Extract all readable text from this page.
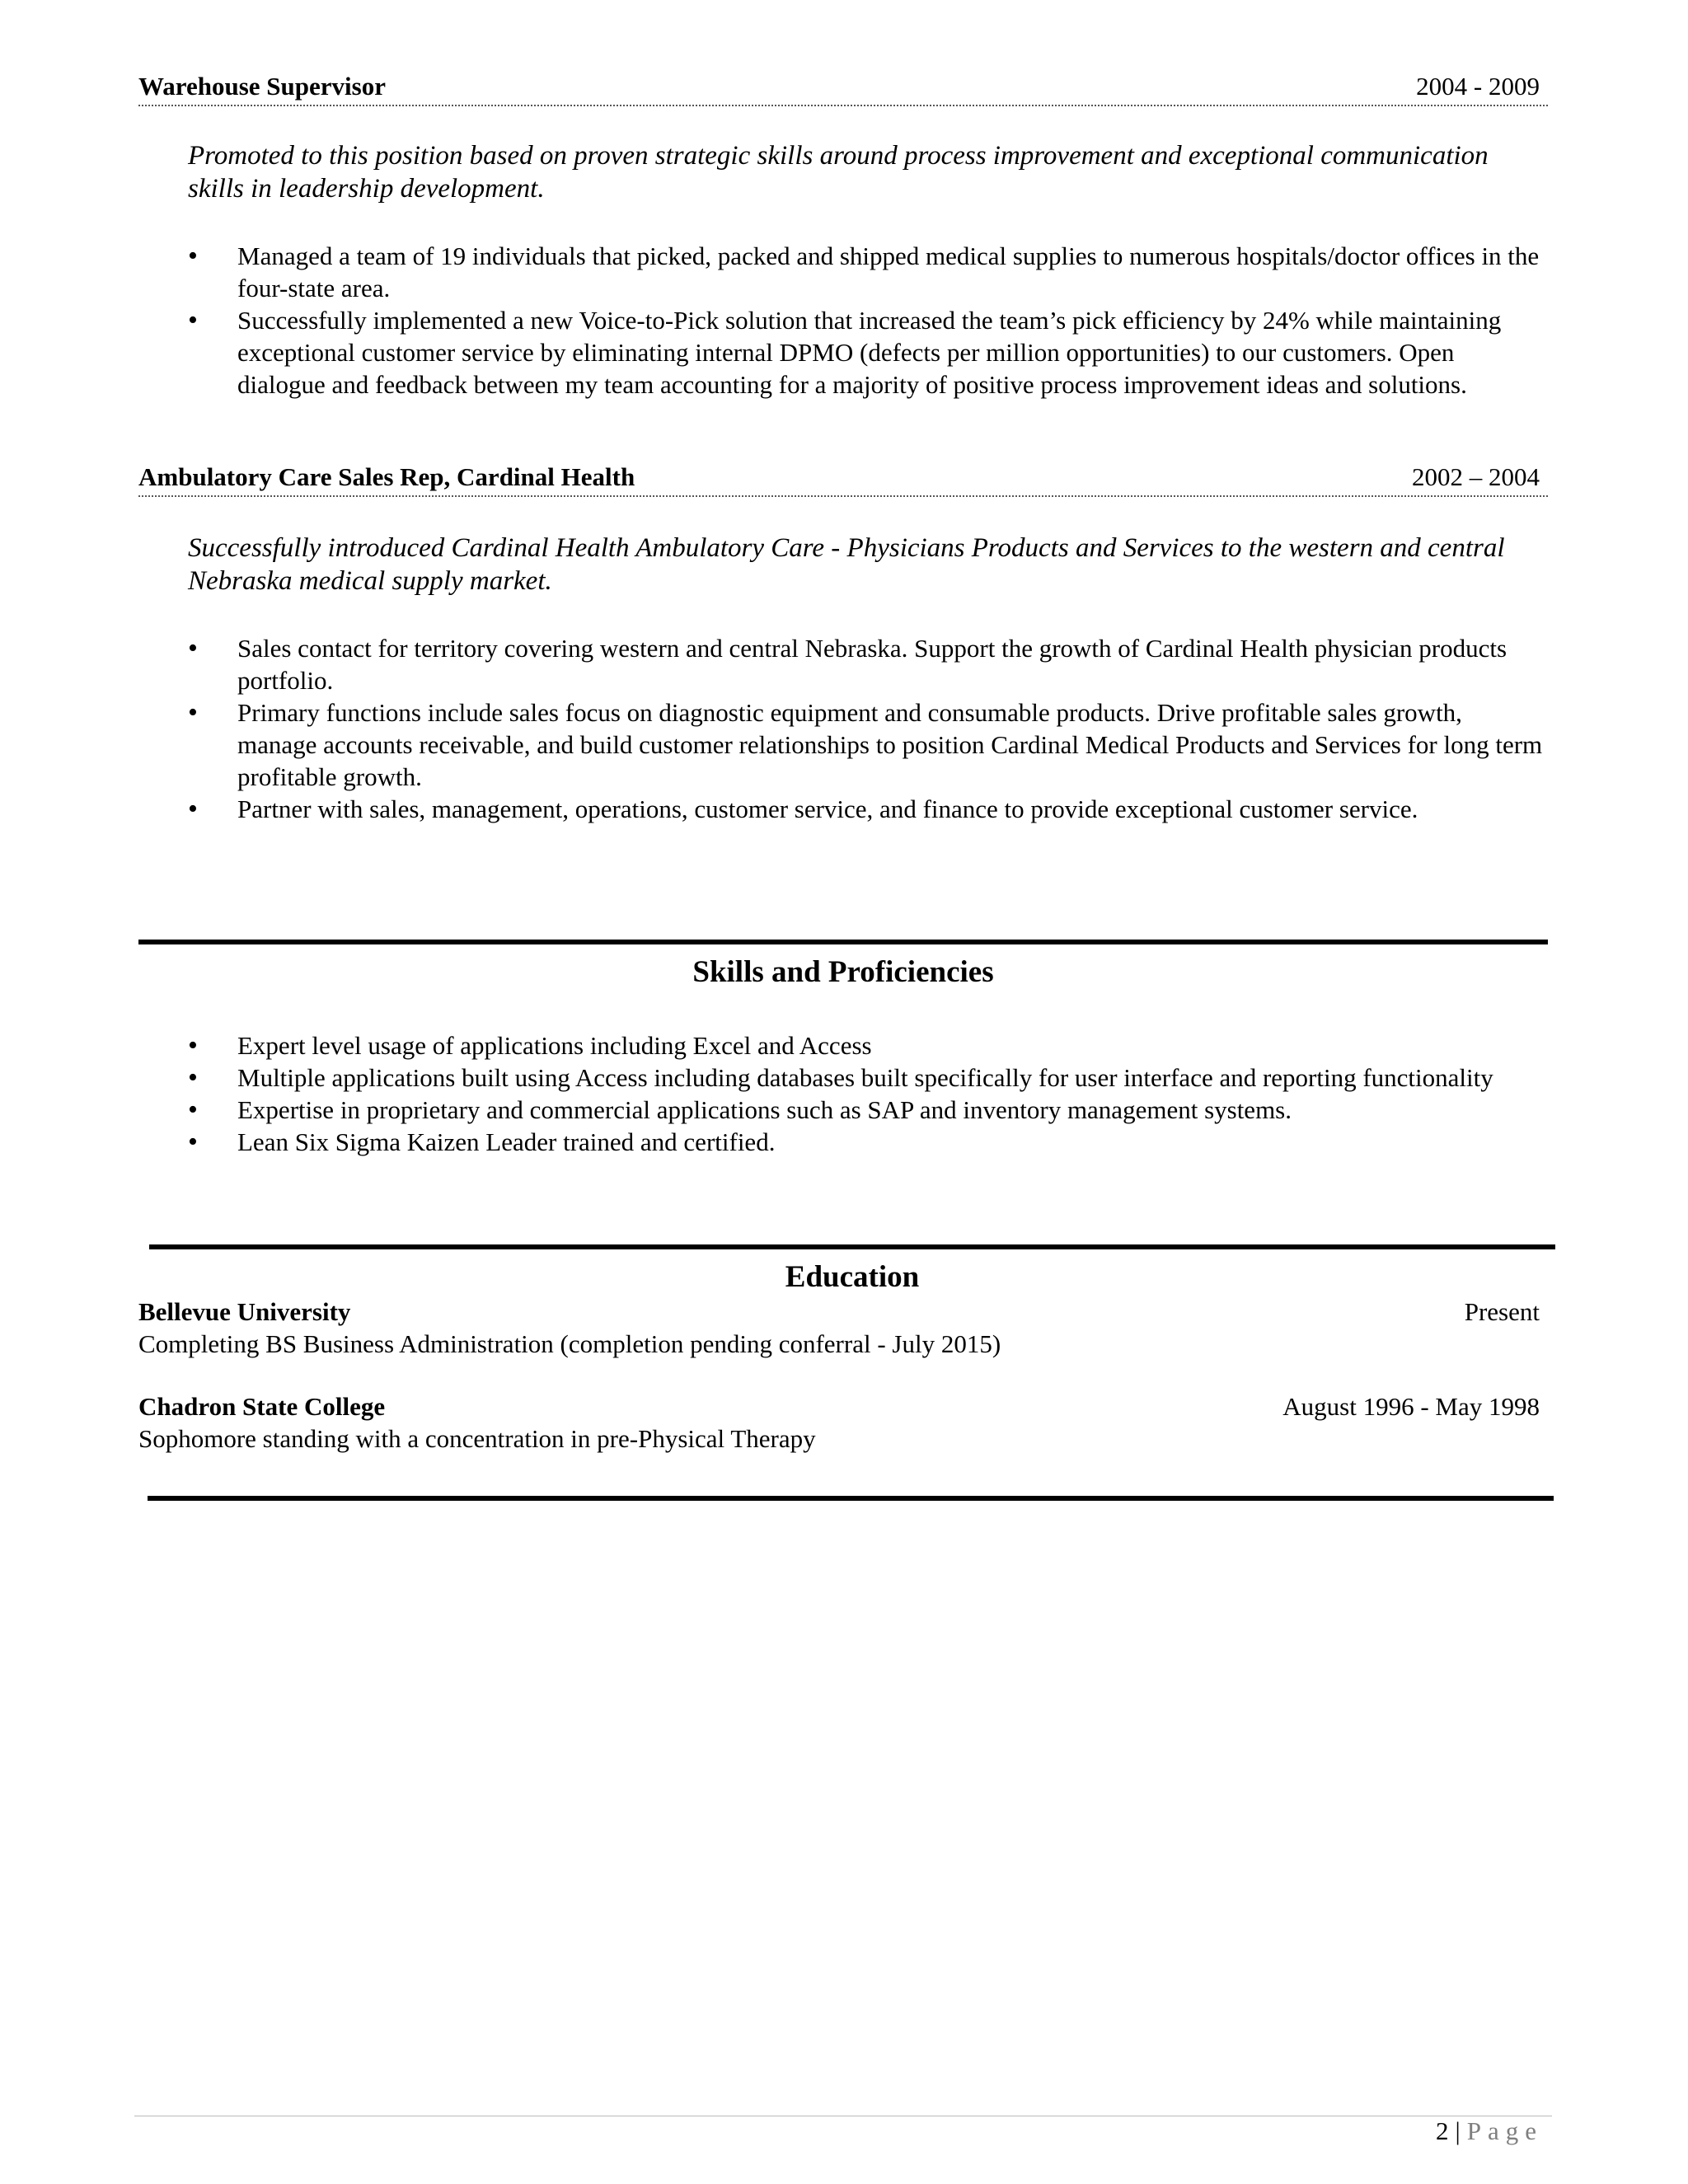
Warehouse Supervisor	2004 - 2009
Promoted to this position based on proven strategic skills around process improvement and exceptional communication skills in leadership development.
• Managed a team of 19 individuals that picked, packed and shipped medical supplies to numerous hospitals/doctor offices in the four-state area.
• Successfully implemented a new Voice-to-Pick solution that increased the team’s pick efficiency by 24% while maintaining exceptional customer service by eliminating internal DPMO (defects per million opportunities) to our customers. Open dialogue and feedback between my team accounting for a majority of positive process improvement ideas and solutions.
Ambulatory Care Sales Rep, Cardinal Health	2002 – 2004
Successfully introduced Cardinal Health Ambulatory Care - Physicians Products and Services to the western and central Nebraska medical supply market.
• Sales contact for territory covering western and central Nebraska. Support the growth of Cardinal Health physician products portfolio.
• Primary functions include sales focus on diagnostic equipment and consumable products. Drive profitable sales growth, manage accounts receivable, and build customer relationships to position Cardinal Medical Products and Services for long term profitable growth.
• Partner with sales, management, operations, customer service, and finance to provide exceptional customer service.
Skills and Proficiencies
• Expert level usage of applications including Excel and Access
• Multiple applications built using Access including databases built specifically for user interface and reporting functionality
• Expertise in proprietary and commercial applications such as SAP and inventory management systems.
• Lean Six Sigma Kaizen Leader trained and certified.
Education
Bellevue University	Present
Completing BS Business Administration (completion pending conferral - July 2015)
Chadron State College	August 1996 - May 1998
Sophomore standing with a concentration in pre-Physical Therapy
2 | Page
